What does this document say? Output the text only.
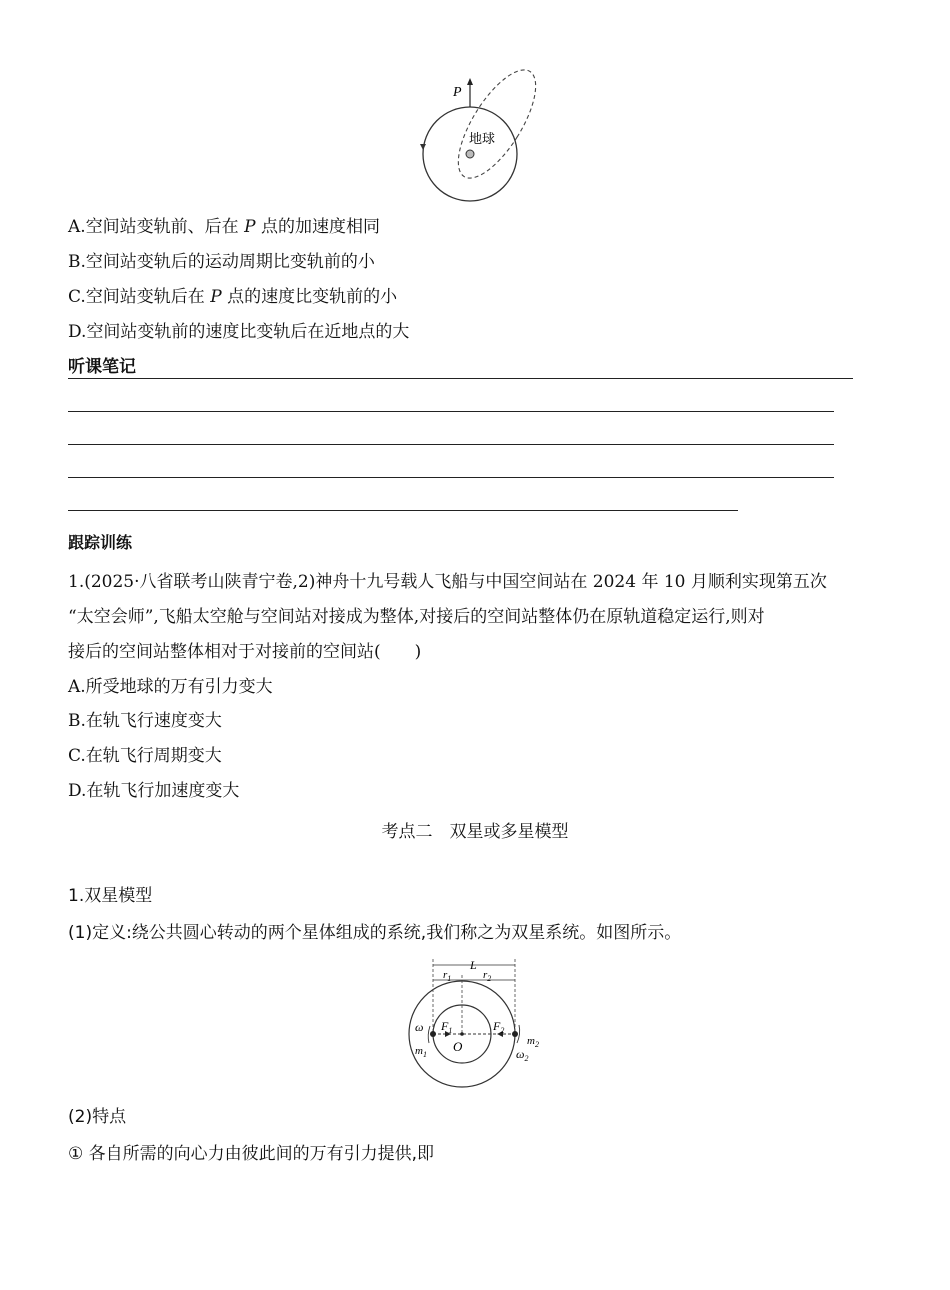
P
地球
A.空间站变轨前、后在 P 点的加速度相同
B.空间站变轨后的运动周期比变轨前的小
C.空间站变轨后在 P 点的速度比变轨前的小
D.空间站变轨前的速度比变轨后在近地点的大
听课笔记
跟踪训练
1.(2025·八省联考山陕青宁卷,2)神舟十九号载人飞船与中国空间站在 2024 年 10 月顺利实现第五次
“太空会师”,飞船太空舱与空间站对接成为整体,对接后的空间站整体仍在原轨道稳定运行,则对
接后的空间站整体相对于对接前的空间站(　　)
A.所受地球的万有引力变大
B.在轨飞行速度变大
C.在轨飞行周期变大
D.在轨飞行加速度变大
考点二　双星或多星模型
1.双星模型
(1)定义:绕公共圆心转动的两个星体组成的系统,我们称之为双星系统。如图所示。
L
$r_1$	$r_2$
$F_1$	$F_2$
O
ω
$m_1$
$m_2$
$\omega_2$
(2)特点
① 各自所需的向心力由彼此间的万有引力提供,即
